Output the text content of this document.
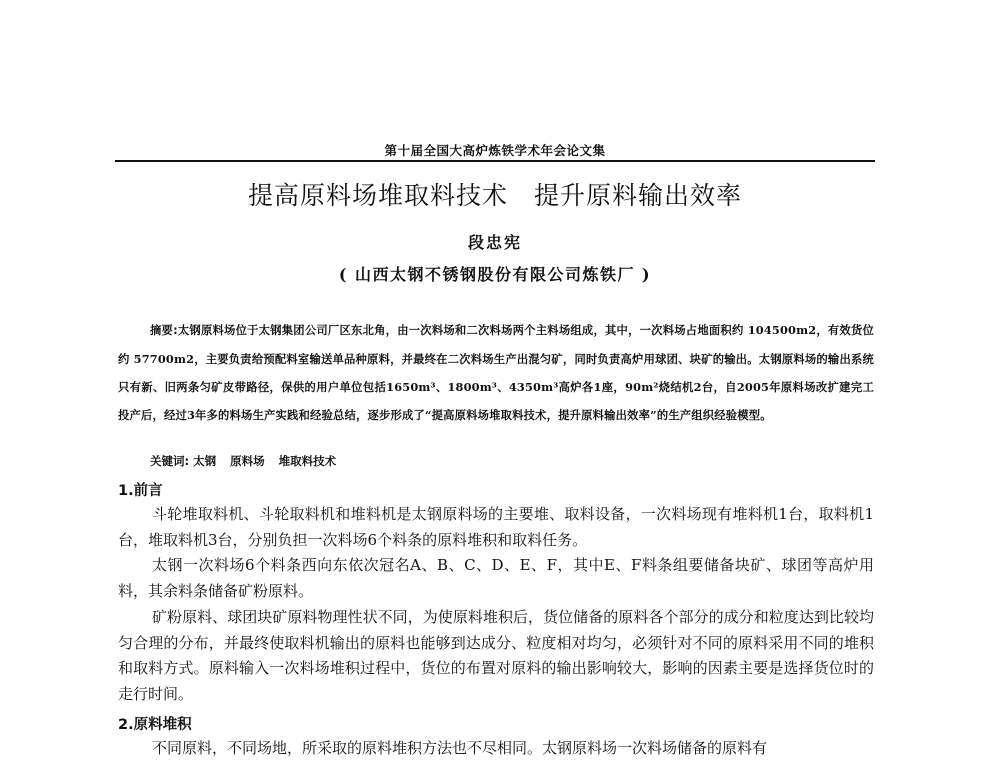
第十届全国大高炉炼铁学术年会论文集
提高原料场堆取料技术　提升原料输出效率
段忠宪
( 山西太钢不锈钢股份有限公司炼铁厂 )
摘要:太钢原料场位于太钢集团公司厂区东北角，由一次料场和二次料场两个主料场组成，其中，一次料场占地面积约 104500m2，有效货位约 57700m2，主要负责给预配料室输送单品种原料，并最终在二次料场生产出混匀矿，同时负责高炉用球团、块矿的输出。太钢原料场的输出系统只有新、旧两条匀矿皮带路径，保供的用户单位包括1650m³、1800m³、4350m³高炉各1座，90m²烧结机2台，自2005年原料场改扩建完工投产后，经过3年多的料场生产实践和经验总结，逐步形成了“提高原料场堆取料技术，提升原料输出效率”的生产组织经验模型。
关键词: 太钢 原料场 堆取料技术
1.前言

斗轮堆取料机、斗轮取料机和堆料机是太钢原料场的主要堆、取料设备，一次料场现有堆料机1台，取料机1台，堆取料机3台，分别负担一次料场6个料条的原料堆积和取料任务。

太钢一次料场6个料条西向东依次冠名A、B、C、D、E、F，其中E、F料条组要储备块矿、球团等高炉用料，其余料条储备矿粉原料。

矿粉原料、球团块矿原料物理性状不同，为使原料堆积后，货位储备的原料各个部分的成分和粒度达到比较均匀合理的分布，并最终使取料机输出的原料也能够到达成分、粒度相对均匀，必须针对不同的原料采用不同的堆积和取料方式。原料输入一次料场堆积过程中，货位的布置对原料的输出影响较大，影响的因素主要是选择货位时的走行时间。

2.原料堆积

不同原料，不同场地，所采取的原料堆积方法也不尽相同。太钢原料场一次料场储备的原料有
